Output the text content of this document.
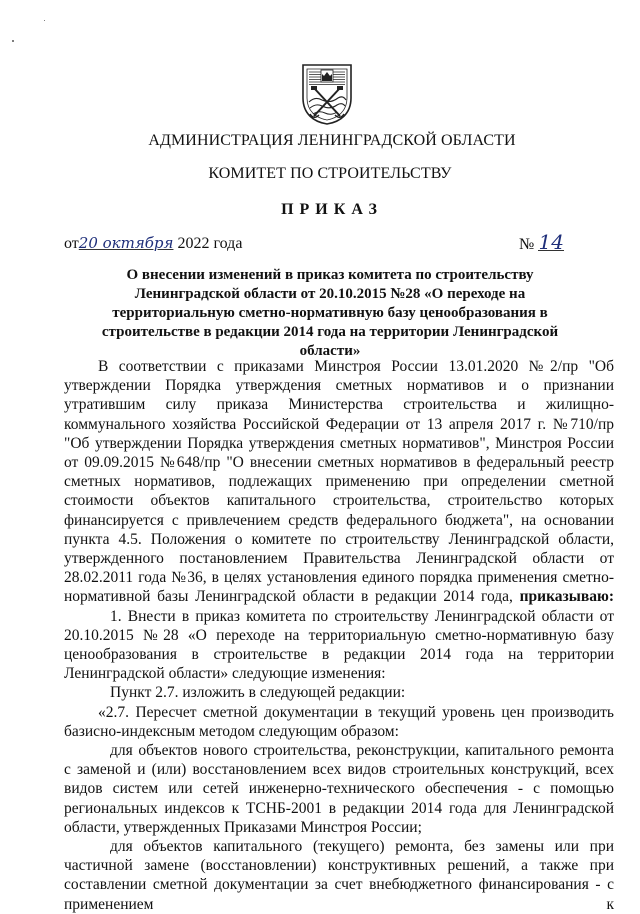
АДМИНИСТРАЦИЯ ЛЕНИНГРАДСКОЙ ОБЛАСТИ
КОМИТЕТ ПО СТРОИТЕЛЬСТВУ
ПРИКАЗ
от20 октября 2022 года	№ 14
О внесении изменений в приказ комитета по строительству Ленинградской области от 20.10.2015 №28 «О переходе на территориальную сметно-нормативную базу ценообразования в строительстве в редакции 2014 года на территории Ленинградской области»

В соответствии с приказами Минстроя России 13.01.2020 №2/пр "Об утверждении Порядка утверждения сметных нормативов и о признании утратившим силу приказа Министерства строительства и жилищно-коммунального хозяйства Российской Федерации от 13 апреля 2017 г. №710/пр "Об утверждении Порядка утверждения сметных нормативов", Минстроя России от 09.09.2015 №648/пр "О внесении сметных нормативов в федеральный реестр сметных нормативов, подлежащих применению при определении сметной стоимости объектов капитального строительства, строительство которых финансируется с привлечением средств федерального бюджета", на основании пункта 4.5. Положения о комитете по строительству Ленинградской области, утвержденного постановлением Правительства Ленинградской области от 28.02.2011 года №36, в целях установления единого порядка применения сметно-нормативной базы Ленинградской области в редакции 2014 года, приказываю:

1. Внести в приказ комитета по строительству Ленинградской области от 20.10.2015 №28 «О переходе на территориальную сметно-нормативную базу ценообразования в строительстве в редакции 2014 года на территории Ленинградской области» следующие изменения:

Пункт 2.7. изложить в следующей редакции:

«2.7. Пересчет сметной документации в текущий уровень цен производить базисно-индексным методом следующим образом:

для объектов нового строительства, реконструкции, капитального ремонта с заменой и (или) восстановлением всех видов строительных конструкций, всех видов систем или сетей инженерно-технического обеспечения - с помощью региональных индексов к ТСНБ-2001 в редакции 2014 года для Ленинградской области, утвержденных Приказами Минстроя России;

для объектов капитального (текущего) ремонта, без замены или при частичной замене (восстановлении) конструктивных решений, а также при составлении сметной документации за счет внебюджетного финансирования - с применением к
